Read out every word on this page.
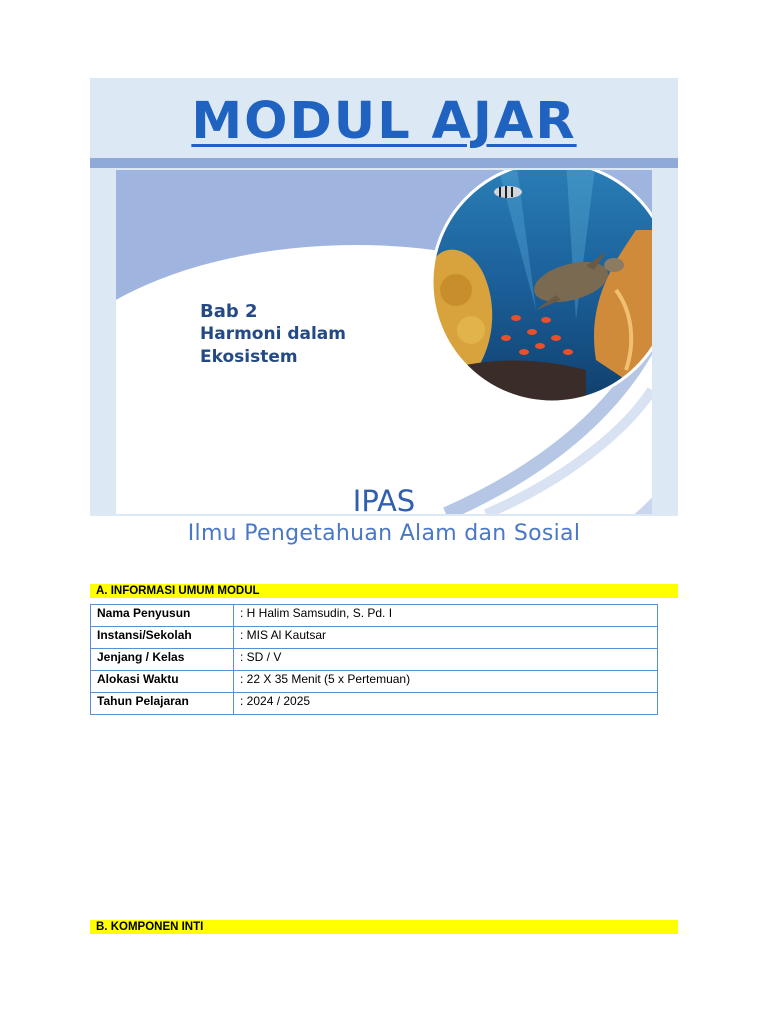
MODUL AJAR
Bab 2
Harmoni dalam
Ekosistem
IPAS
Ilmu Pengetahuan Alam dan Sosial
A. INFORMASI UMUM MODUL
Nama Penyusun	: H Halim Samsudin, S. Pd. I
Instansi/Sekolah	: MIS Al Kautsar
Jenjang / Kelas	: SD / V
Alokasi Waktu	: 22 X 35 Menit (5 x Pertemuan)
Tahun Pelajaran	: 2024 / 2025
B. KOMPONEN INTI
